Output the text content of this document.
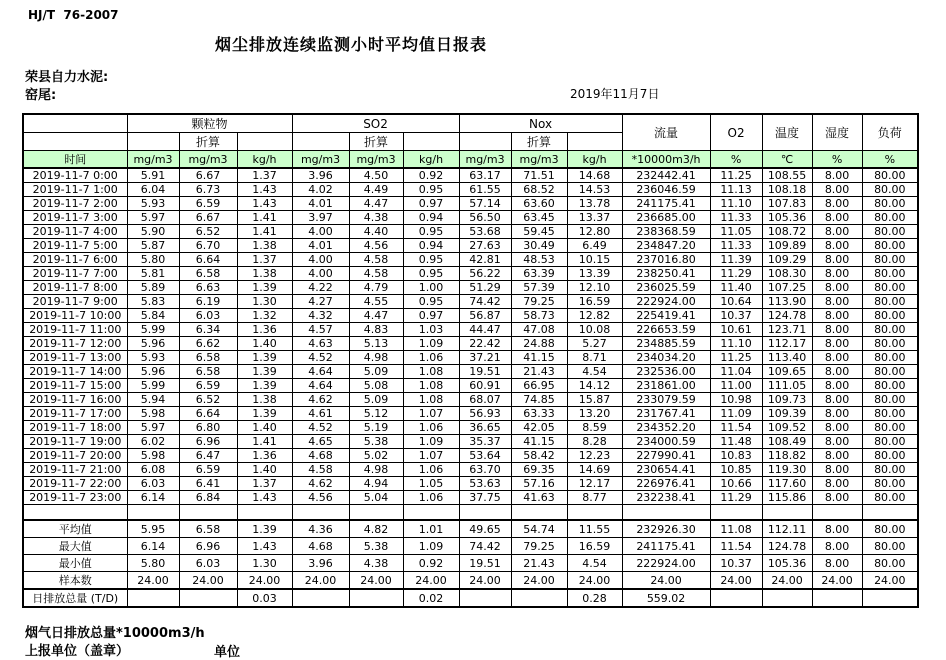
HJ/T  76-2007
烟尘排放连续监测小时平均值日报表
荣县自力水泥:
窑尾:	2019年11月7日
	颗粒物			SO2			Nox			流量	O2	温度	湿度	负荷
		折算			折算			折算						
时间	mg/m3	mg/m3	kg/h	mg/m3	mg/m3	kg/h	mg/m3	mg/m3	kg/h	*10000m3/h	%	℃	%	%
2019-11-7 0:00	5.91	6.67	1.37	3.96	4.50	0.92	63.17	71.51	14.68	232442.41	11.25	108.55	8.00	80.00
2019-11-7 1:00	6.04	6.73	1.43	4.02	4.49	0.95	61.55	68.52	14.53	236046.59	11.13	108.18	8.00	80.00
2019-11-7 2:00	5.93	6.59	1.43	4.01	4.47	0.97	57.14	63.60	13.78	241175.41	11.10	107.83	8.00	80.00
2019-11-7 3:00	5.97	6.67	1.41	3.97	4.38	0.94	56.50	63.45	13.37	236685.00	11.33	105.36	8.00	80.00
2019-11-7 4:00	5.90	6.52	1.41	4.00	4.40	0.95	53.68	59.45	12.80	238368.59	11.05	108.72	8.00	80.00
2019-11-7 5:00	5.87	6.70	1.38	4.01	4.56	0.94	27.63	30.49	6.49	234847.20	11.33	109.89	8.00	80.00
2019-11-7 6:00	5.80	6.64	1.37	4.00	4.58	0.95	42.81	48.53	10.15	237016.80	11.39	109.29	8.00	80.00
2019-11-7 7:00	5.81	6.58	1.38	4.00	4.58	0.95	56.22	63.39	13.39	238250.41	11.29	108.30	8.00	80.00
2019-11-7 8:00	5.89	6.63	1.39	4.22	4.79	1.00	51.29	57.39	12.10	236025.59	11.40	107.25	8.00	80.00
2019-11-7 9:00	5.83	6.19	1.30	4.27	4.55	0.95	74.42	79.25	16.59	222924.00	10.64	113.90	8.00	80.00
2019-11-7 10:00	5.84	6.03	1.32	4.32	4.47	0.97	56.87	58.73	12.82	225419.41	10.37	124.78	8.00	80.00
2019-11-7 11:00	5.99	6.34	1.36	4.57	4.83	1.03	44.47	47.08	10.08	226653.59	10.61	123.71	8.00	80.00
2019-11-7 12:00	5.96	6.62	1.40	4.63	5.13	1.09	22.42	24.88	5.27	234885.59	11.10	112.17	8.00	80.00
2019-11-7 13:00	5.93	6.58	1.39	4.52	4.98	1.06	37.21	41.15	8.71	234034.20	11.25	113.40	8.00	80.00
2019-11-7 14:00	5.96	6.58	1.39	4.64	5.09	1.08	19.51	21.43	4.54	232536.00	11.04	109.65	8.00	80.00
2019-11-7 15:00	5.99	6.59	1.39	4.64	5.08	1.08	60.91	66.95	14.12	231861.00	11.00	111.05	8.00	80.00
2019-11-7 16:00	5.94	6.52	1.38	4.62	5.09	1.08	68.07	74.85	15.87	233079.59	10.98	109.73	8.00	80.00
2019-11-7 17:00	5.98	6.64	1.39	4.61	5.12	1.07	56.93	63.33	13.20	231767.41	11.09	109.39	8.00	80.00
2019-11-7 18:00	5.97	6.80	1.40	4.52	5.19	1.06	36.65	42.05	8.59	234352.20	11.54	109.52	8.00	80.00
2019-11-7 19:00	6.02	6.96	1.41	4.65	5.38	1.09	35.37	41.15	8.28	234000.59	11.48	108.49	8.00	80.00
2019-11-7 20:00	5.98	6.47	1.36	4.68	5.02	1.07	53.64	58.42	12.23	227990.41	10.83	118.82	8.00	80.00
2019-11-7 21:00	6.08	6.59	1.40	4.58	4.98	1.06	63.70	69.35	14.69	230654.41	10.85	119.30	8.00	80.00
2019-11-7 22:00	6.03	6.41	1.37	4.62	4.94	1.05	53.63	57.16	12.17	226976.41	10.66	117.60	8.00	80.00
2019-11-7 23:00	6.14	6.84	1.43	4.56	5.04	1.06	37.75	41.63	8.77	232238.41	11.29	115.86	8.00	80.00

平均值	5.95	6.58	1.39	4.36	4.82	1.01	49.65	54.74	11.55	232926.30	11.08	112.11	8.00	80.00
最大值	6.14	6.96	1.43	4.68	5.38	1.09	74.42	79.25	16.59	241175.41	11.54	124.78	8.00	80.00
最小值	5.80	6.03	1.30	3.96	4.38	0.92	19.51	21.43	4.54	222924.00	10.37	105.36	8.00	80.00
样本数	24.00	24.00	24.00	24.00	24.00	24.00	24.00	24.00	24.00	24.00	24.00	24.00	24.00	24.00
日排放总量 (T/D)			0.03			0.02			0.28	559.02				
烟气日排放总量*10000m3/h
上报单位（盖章）	单位
